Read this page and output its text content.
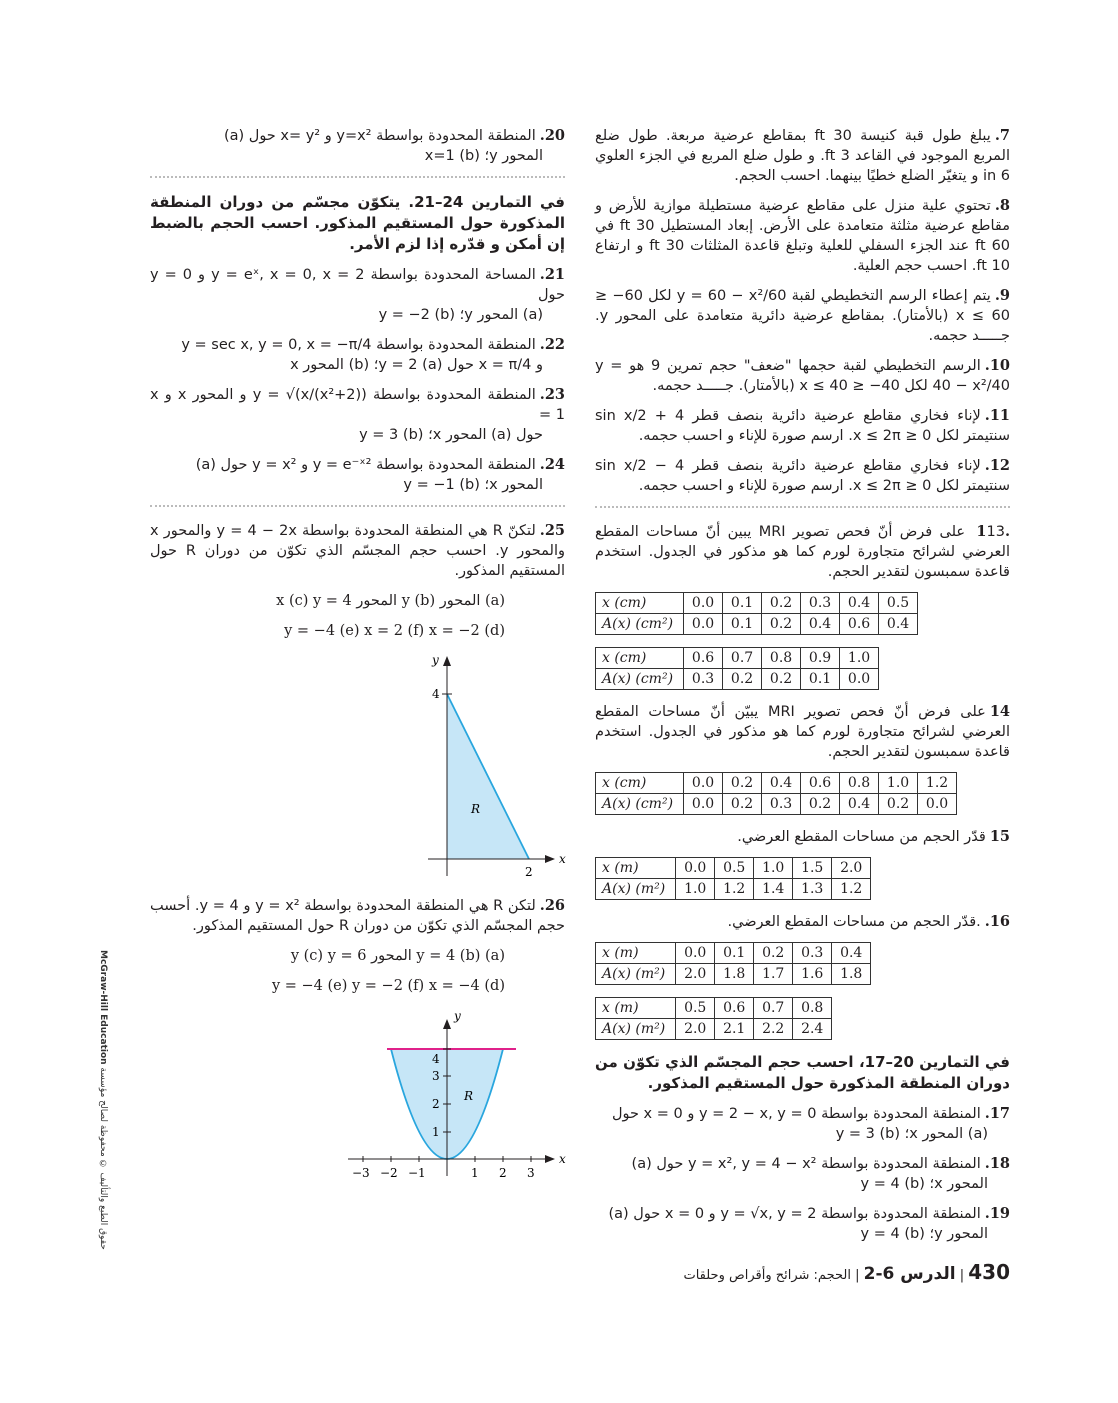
McGraw-Hill Education حقوق الطبع والتأليف © محفوظة لصالح مؤسسة
7.يبلغ طول قبة كنيسة 30 ft بمقاطع عرضية مربعة. طول ضلع المربع الموجود في القاعد 3 ft. و طول ضلع المربع في الجزء العلوي 6 in و يتغيّر الضلع خطيًا بينهما. احسب الحجم.
8.تحتوي علية منزل على مقاطع عرضية مستطيلة موازية للأرض و مقاطع عرضية مثلثة متعامدة على الأرض. إبعاد المستطيل 30 ft في 60 ft عند الجزء السفلي للعلية وتبلغ قاعدة المثلثات 30 ft و ارتفاع 10 ft. احسب حجم العلية.
9.يتم إعطاء الرسم التخطيطي لقبة y = 60 − x²/60 لكل 60− ≤ x ≤ 60 (بالأمتار). بمقاطع عرضية دائرية متعامدة على المحور y. جـــــد حجمه.
10.الرسم التخطيطي لقبة حجمها "ضعف" حجم تمرين 9 هو y = 40 − x²/40 لكل 40− ≤ x ≤ 40 (بالأمتار). جـــــد حجمه.
11.لإناء فخاري مقاطع عرضية دائرية بنصف قطر 4 + sin x/2 سنتيمتر لكل 0 ≤ x ≤ 2π. ارسم صورة للإناء و احسب حجمه.
12.لإناء فخاري مقاطع عرضية دائرية بنصف قطر 4 − sin x/2 سنتيمتر لكل 0 ≤ x ≤ 2π. ارسم صورة للإناء و احسب حجمه.
.113 على فرض أنّ فحص تصوير MRI يبين أنّ مساحات المقطع العرضي لشرائح متجاورة لورم كما هو مذكور في الجدول. استخدم قاعدة سمبسون لتقدير الحجم.
x (cm)	0.0	0.1	0.2	0.3	0.4	0.5
A(x) (cm²)	0.0	0.1	0.2	0.4	0.6	0.4
x (cm)	0.6	0.7	0.8	0.9	1.0
A(x) (cm²)	0.3	0.2	0.2	0.1	0.0
14على فرض أنّ فحص تصوير MRI يبيّن أنّ مساحات المقطع العرضي لشرائح متجاورة لورم كما هو مذكور في الجدول. استخدم قاعدة سمبسون لتقدير الحجم.
x (cm)	0.0	0.2	0.4	0.6	0.8	1.0	1.2
A(x) (cm²)	0.0	0.2	0.3	0.2	0.4	0.2	0.0
15قدّر الحجم من مساحات المقطع العرضي.
x (m)	0.0	0.5	1.0	1.5	2.0
A(x) (m²)	1.0	1.2	1.4	1.3	1.2
16..قدّر الحجم من مساحات المقطع العرضي.
x (m)	0.0	0.1	0.2	0.3	0.4
A(x) (m²)	2.0	1.8	1.7	1.6	1.8
x (m)	0.5	0.6	0.7	0.8
A(x) (m²)	2.0	2.1	2.2	2.4
في التمارين 20–17، احسب حجم المجسّم الذي تكوّن من دوران المنطقة المذكورة حول المستقيم المذكور.
17.المنطقة المحدودة بواسطة y = 2 − x, y = 0 و x = 0 حول
(a) المحور x؛ (b) y = 3
18.المنطقة المحدودة بواسطة y = x², y = 4 − x² حول (a)
المحور x؛ (b) y = 4
19.المنطقة المحدودة بواسطة y = √x, y = 2 و x = 0 حول (a)
المحور y؛ (b) y = 4
430 | الدرس 6-2 | الحجم: شرائح وأقراص وحلقات
20.المنطقة المحدودة بواسطة y=x² و x= y² حول (a)
المحور y؛ (b) x=1
في التمارين 24–21. يتكوّن مجسّم من دوران المنطقة المذكورة حول المستقيم المذكور. احسب الحجم بالضبط إن أمكن و قدّره إذا لزم الأمر.
21.المساحة المحدودة بواسطة y = eˣ, x = 0, x = 2 و y = 0 حول
(a) المحور y؛ (b) y = −2
22.المنطقة المحدودة بواسطة y = sec x, y = 0, x = −π/4
و x = π/4 حول (a) y = 2؛ (b) المحور x
23.المنطقة المحدودة بواسطة y = √(x/(x²+2)) و المحور x و x = 1
حول (a) المحور x؛ (b) y = 3
24.المنطقة المحدودة بواسطة y = e⁻ˣ² و y = x² حول (a)
المحور x؛ (b) y = −1
25.لتكنّ R هي المنطقة المحدودة بواسطة y = 4 − 2x والمحور x والمحور y. احسب حجم المجسّم الذي تكوّن من دوران R حول المستقيم المذكور.
(a) المحور y (b) المحور x (c) y = 4
(d) y = −4 (e) x = 2 (f) x = −2
4
2
y
x
R
26.لتكن R هي المنطقة المحدودة بواسطة y = x² و y = 4. أحسب حجم المجسّم الذي تكوّن من دوران R حول المستقيم المذكور.
(a) y = 4 (b) المحور y (c) y = 6
(d) y = −4 (e) y = −2 (f) x = −4
1
2
3
4
−3 −2 −1	1 2 3
y
x
R
